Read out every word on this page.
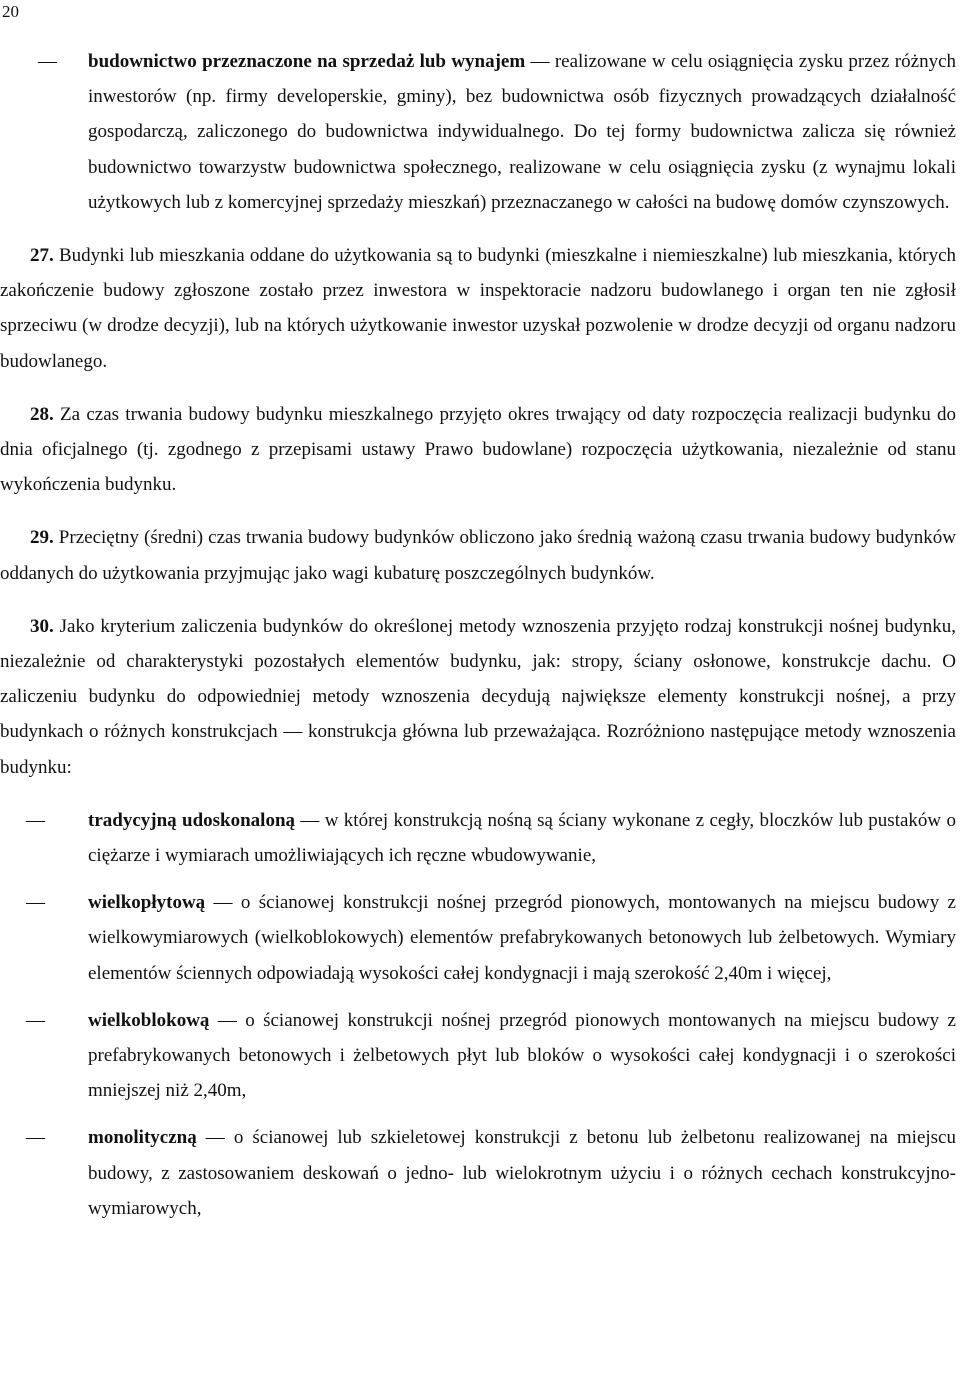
20

— budownictwo przeznaczone na sprzedaż lub wynajem — realizowane w celu osiągnięcia zysku przez różnych inwestorów (np. firmy developerskie, gminy), bez budownictwa osób fizycznych prowadzących działalność gospodarczą, zaliczonego do budownictwa indywidualnego. Do tej formy budownictwa zalicza się również budownictwo towarzystw budownictwa społecznego, realizowane w celu osiągnięcia zysku (z wynajmu lokali użytkowych lub z komercyjnej sprzedaży mieszkań) przeznaczanego w całości na budowę domów czynszowych.

27. Budynki lub mieszkania oddane do użytkowania są to budynki (mieszkalne i niemieszkalne) lub mieszkania, których zakończenie budowy zgłoszone zostało przez inwestora w inspektoracie nadzoru budowlanego i organ ten nie zgłosił sprzeciwu (w drodze decyzji), lub na których użytkowanie inwestor uzyskał pozwolenie w drodze decyzji od organu nadzoru budowlanego.

28. Za czas trwania budowy budynku mieszkalnego przyjęto okres trwający od daty rozpoczęcia realizacji budynku do dnia oficjalnego (tj. zgodnego z przepisami ustawy Prawo budowlane) rozpoczęcia użytkowania, niezależnie od stanu wykończenia budynku.

29. Przeciętny (średni) czas trwania budowy budynków obliczono jako średnią ważoną czasu trwania budowy budynków oddanych do użytkowania przyjmując jako wagi kubaturę poszczególnych budynków.

30. Jako kryterium zaliczenia budynków do określonej metody wznoszenia przyjęto rodzaj konstrukcji nośnej budynku, niezależnie od charakterystyki pozostałych elementów budynku, jak: stropy, ściany osłonowe, konstrukcje dachu. O zaliczeniu budynku do odpowiedniej metody wznoszenia decydują największe elementy konstrukcji nośnej, a przy budynkach o różnych konstrukcjach — konstrukcja główna lub przeważająca. Rozróżniono następujące metody wznoszenia budynku:

— tradycyjną udoskonaloną — w której konstrukcją nośną są ściany wykonane z cegły, bloczków lub pustaków o ciężarze i wymiarach umożliwiających ich ręczne wbudowywanie,

— wielkopłytową — o ścianowej konstrukcji nośnej przegród pionowych, montowanych na miejscu budowy z wielkowymiarowych (wielkoblokowych) elementów prefabrykowanych betonowych lub żelbetowych. Wymiary elementów ściennych odpowiadają wysokości całej kondygnacji i mają szerokość 2,40m i więcej,

— wielkoblokową — o ścianowej konstrukcji nośnej przegród pionowych montowanych na miejscu budowy z prefabrykowanych betonowych i żelbetowych płyt lub bloków o wysokości całej kondygnacji i o szerokości mniejszej niż 2,40m,

— monolityczną — o ścianowej lub szkieletowej konstrukcji z betonu lub żelbetonu realizowanej na miejscu budowy, z zastosowaniem deskowań o jedno- lub wielokrotnym użyciu i o różnych cechach konstrukcyjno-wymiarowych,
